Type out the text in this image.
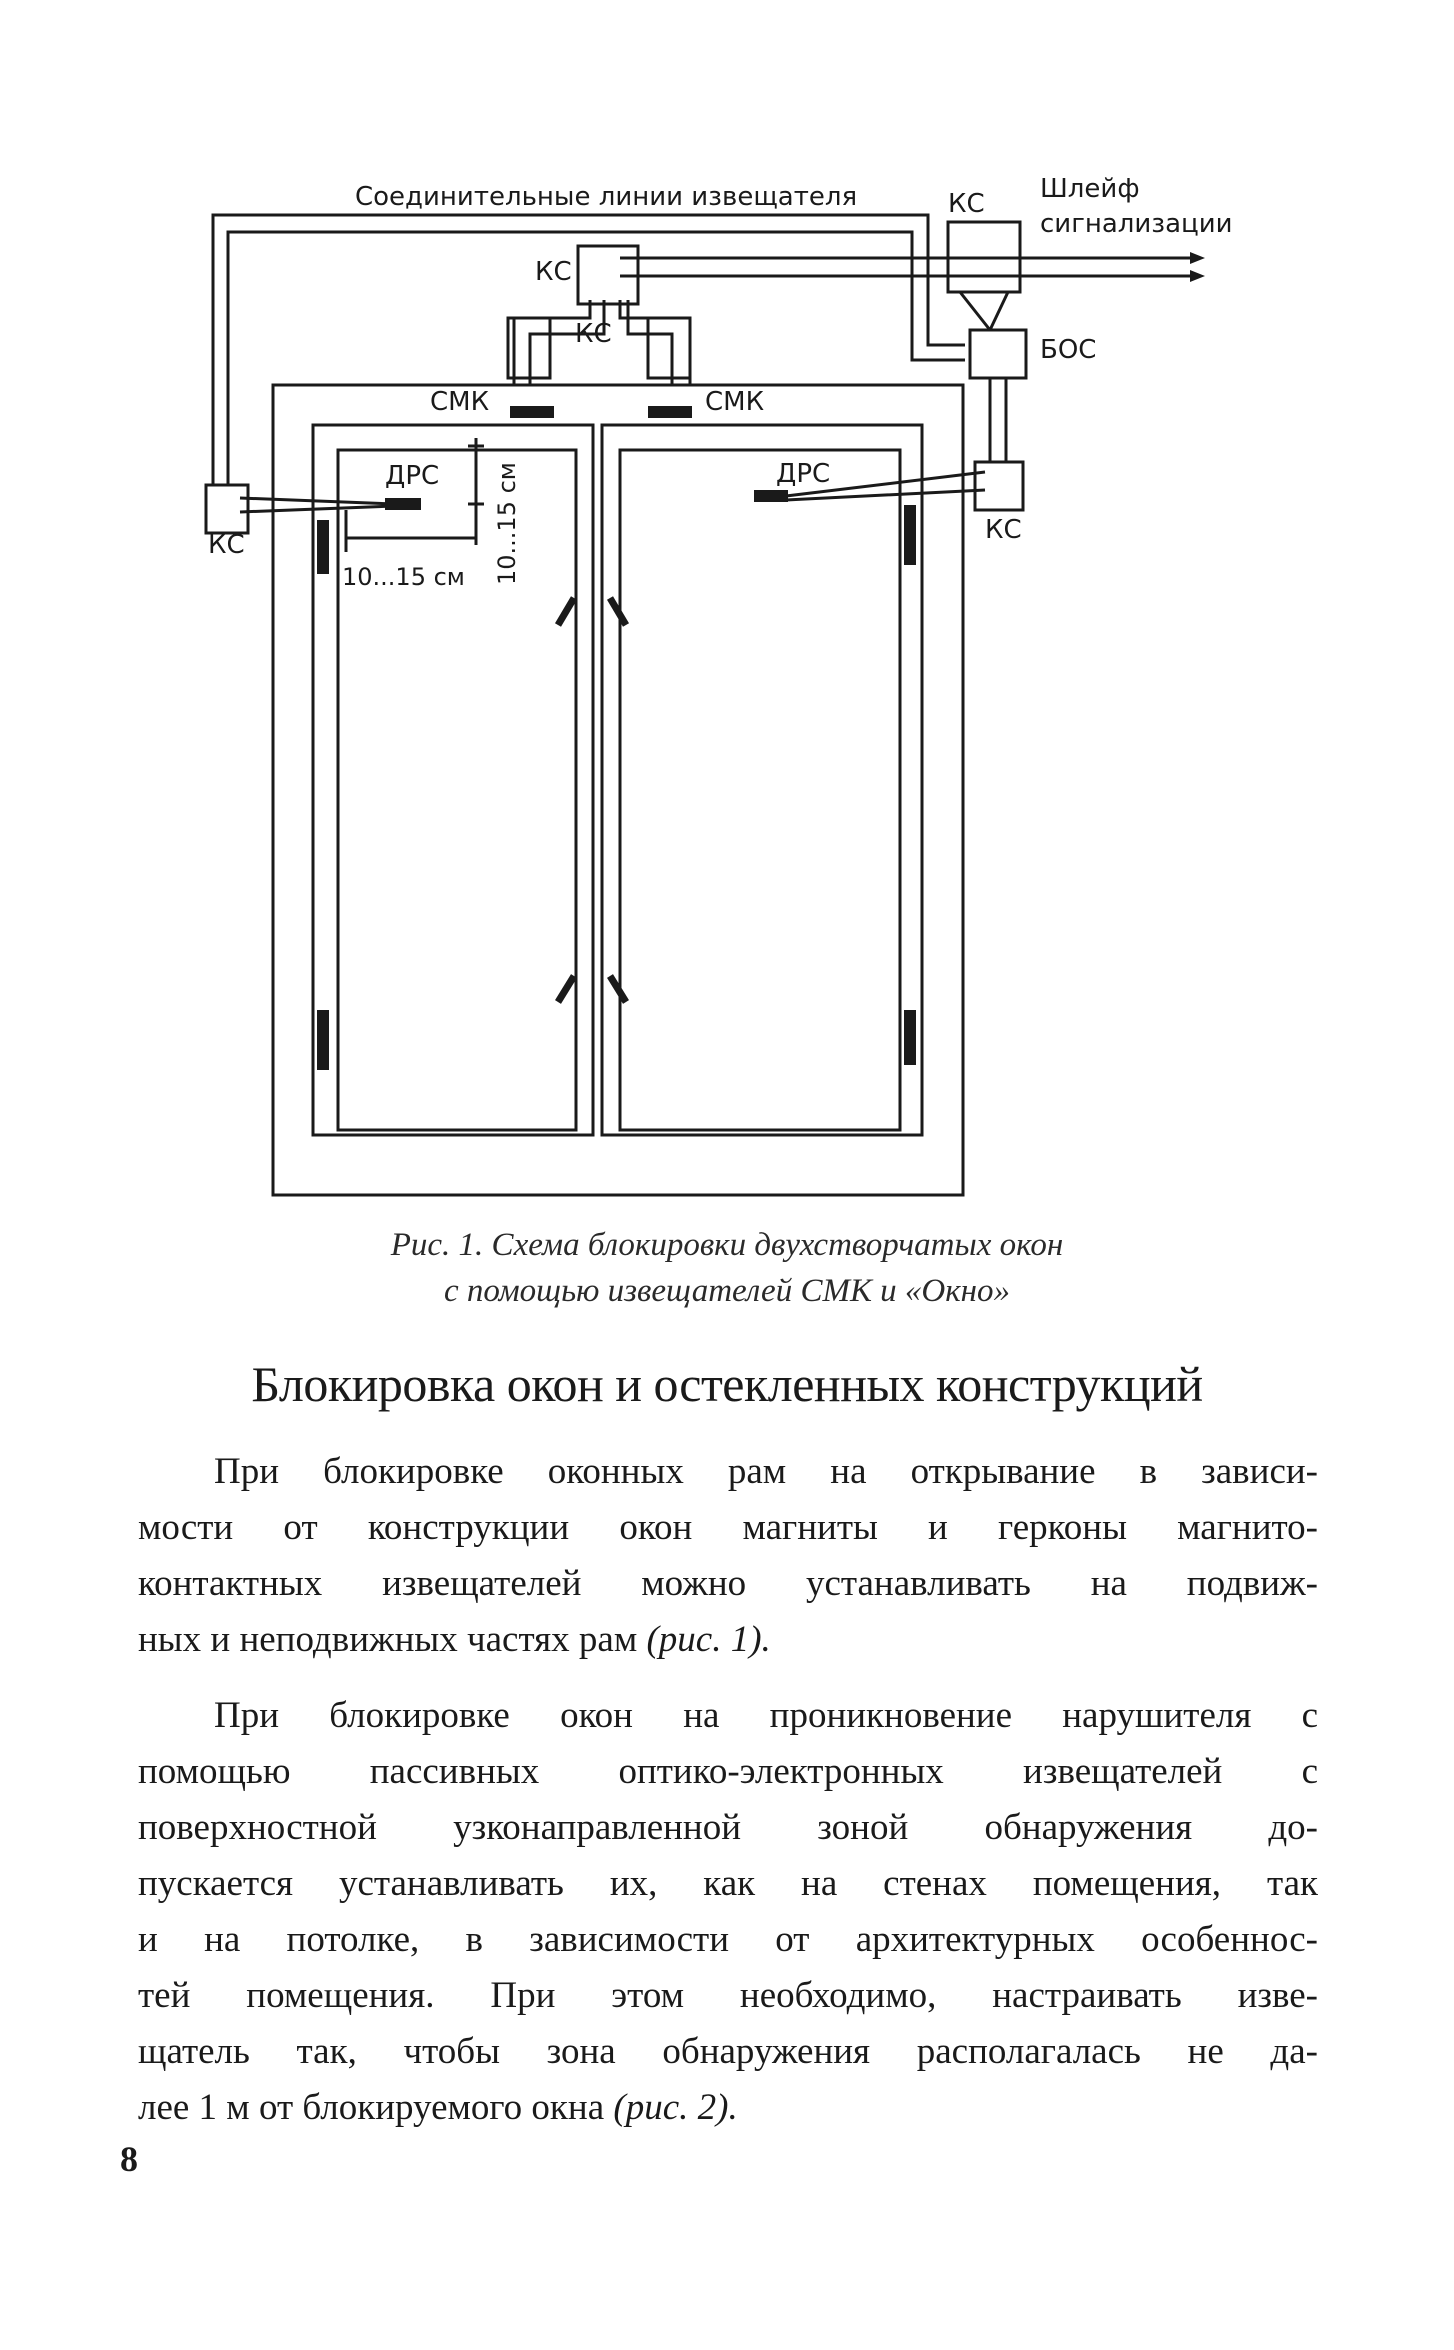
Соединительные линии извещателя	Шлейф
сигнализации
КС
КС
КС
БОС
СМК	СМК
ДРС	ДРС
КС
КС
10...15 см 10...15 см
Рис. 1. Схема блокировки двухстворчатых окон
с помощью извещателей СМК и «Окно»
Блокировка окон и остекленных конструкций
При блокировке оконных рам на открывание в зависи-
мости от конструкции окон магниты и герконы магнито-
контактных извещателей можно устанавливать на подвиж-
ных и неподвижных частях рам (рис. 1).
При блокировке окон на проникновение нарушителя с
помощью пассивных оптико-электронных извещателей с
поверхностной узконаправленной зоной обнаружения до-
пускается устанавливать их, как на стенах помещения, так
и на потолке, в зависимости от архитектурных особеннос-
тей помещения. При этом необходимо, настраивать изве-
щатель так, чтобы зона обнаружения располагалась не да-
лее 1 м от блокируемого окна (рис. 2).
8
